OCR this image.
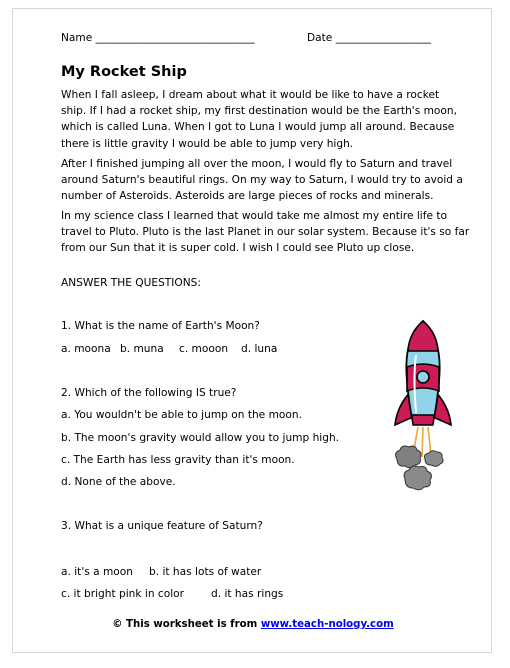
Name ______________________________	Date __________________
My Rocket Ship
When I fall asleep, I dream about what it would be like to have a rocket
ship. If I had a rocket ship, my first destination would be the Earth's moon,
which is called Luna. When I got to Luna I would jump all around. Because
there is little gravity I would be able to jump very high.
After I finished jumping all over the moon, I would fly to Saturn and travel
around Saturn's beautiful rings. On my way to Saturn, I would try to avoid a
number of Asteroids. Asteroids are large pieces of rocks and minerals.
In my science class I learned that would take me almost my entire life to
travel to Pluto. Pluto is the last Planet in our solar system. Because it's so far
from our Sun that it is super cold. I wish I could see Pluto up close.
ANSWER THE QUESTIONS:
1. What is the name of Earth's Moon?
a. moona b. muna c. mooon d. luna
2. Which of the following IS true?
a. You wouldn't be able to jump on the moon.
b. The moon's gravity would allow you to jump high.
c. The Earth has less gravity than it's moon.
d. None of the above.
3. What is a unique feature of Saturn?
a. it's a moon b. it has lots of water
c. it bright pink in color	d. it has rings
© This worksheet is from www.teach-nology.com
